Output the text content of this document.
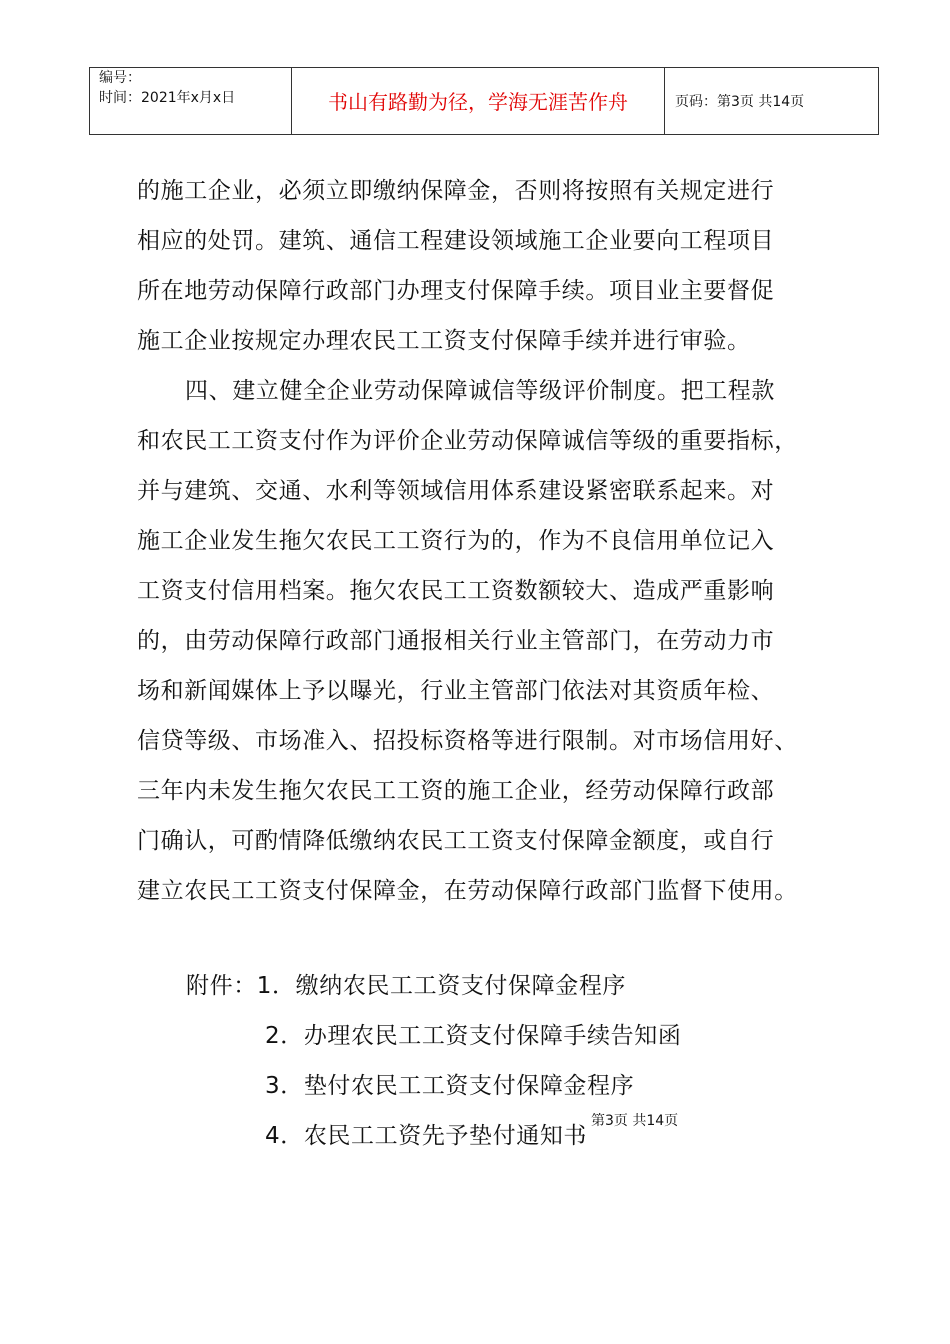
编号：
时间：2021年x月x日	书山有路勤为径，学海无涯苦作舟	页码：第3页 共14页
的施工企业，必须立即缴纳保障金，否则将按照有关规定进行
相应的处罚。建筑、通信工程建设领域施工企业要向工程项目
所在地劳动保障行政部门办理支付保障手续。项目业主要督促
施工企业按规定办理农民工工资支付保障手续并进行审验。
四、建立健全企业劳动保障诚信等级评价制度。把工程款
和农民工工资支付作为评价企业劳动保障诚信等级的重要指标，
并与建筑、交通、水利等领域信用体系建设紧密联系起来。对
施工企业发生拖欠农民工工资行为的，作为不良信用单位记入
工资支付信用档案。拖欠农民工工资数额较大、造成严重影响
的，由劳动保障行政部门通报相关行业主管部门，在劳动力市
场和新闻媒体上予以曝光，行业主管部门依法对其资质年检、
信贷等级、市场准入、招投标资格等进行限制。对市场信用好、
三年内未发生拖欠农民工工资的施工企业，经劳动保障行政部
门确认，可酌情降低缴纳农民工工资支付保障金额度，或自行
建立农民工工资支付保障金，在劳动保障行政部门监督下使用。
附件：1．缴纳农民工工资支付保障金程序
2．办理农民工工资支付保障手续告知函
3．垫付农民工工资支付保障金程序
4．农民工工资先予垫付通知书
第3页 共14页
